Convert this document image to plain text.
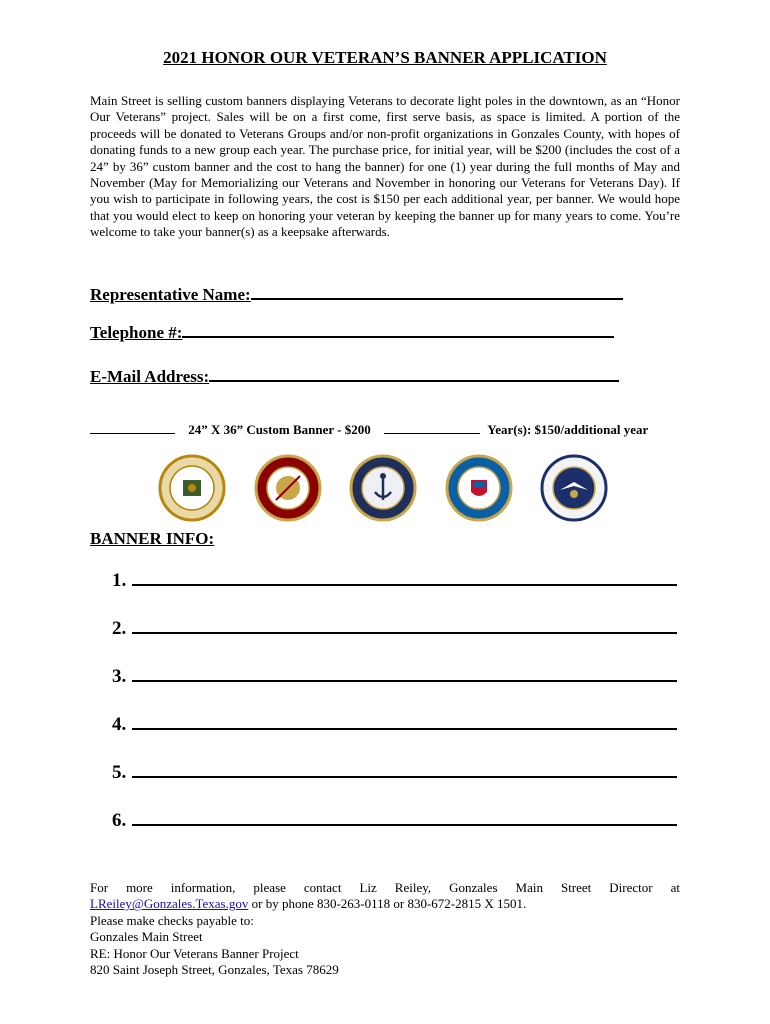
2021 HONOR OUR VETERAN’S BANNER APPLICATION
Main Street is selling custom banners displaying Veterans to decorate light poles in the downtown, as an “Honor Our Veterans” project. Sales will be on a first come, first serve basis, as space is limited. A portion of the proceeds will be donated to Veterans Groups and/or non-profit organizations in Gonzales County, with hopes of donating funds to a new group each year. The purchase price, for initial year, will be $200 (includes the cost of a 24” by 36” custom banner and the cost to hang the banner) for one (1) year during the full months of May and November (May for Memorializing our Veterans and November in honoring our Veterans for Veterans Day). If you wish to participate in following years, the cost is $150 per each additional year, per banner. We would hope that you would elect to keep on honoring your veteran by keeping the banner up for many years to come. You’re welcome to take your banner(s) as a keepsake afterwards.
Representative Name:
Telephone #:
E-Mail Address:
24” X 36” Custom Banner - $200	Year(s): $150/additional year
BANNER INFO:
1.
2.
3.
4.
5.
6.
For more information, please contact Liz Reiley, Gonzales Main Street Director at
LReiley@Gonzales.Texas.gov or by phone 830-263-0118 or 830-672-2815 X 1501.
Please make checks payable to:
Gonzales Main Street
RE: Honor Our Veterans Banner Project
820 Saint Joseph Street, Gonzales, Texas 78629
